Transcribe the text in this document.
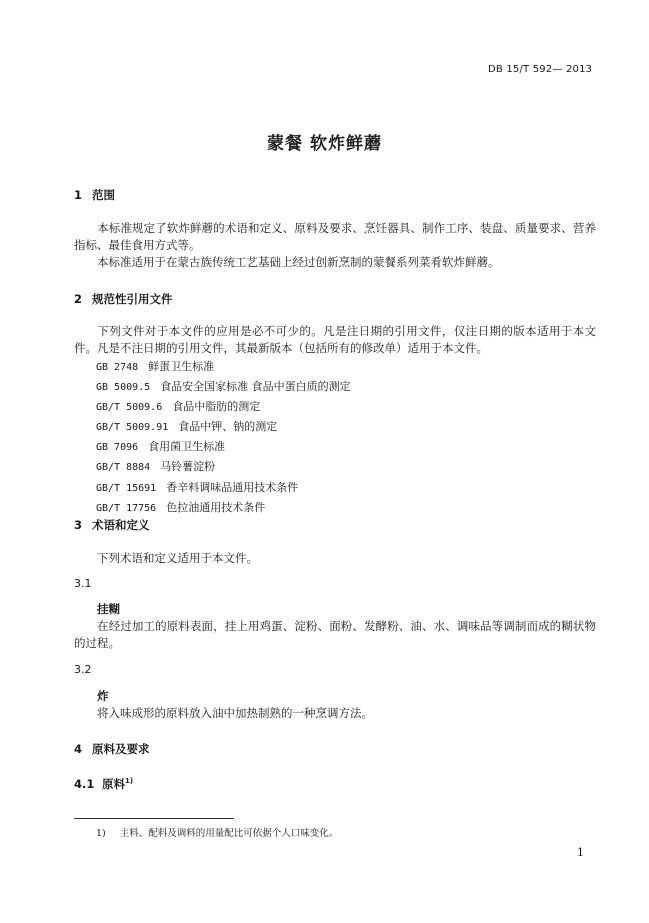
DB 15/T 592— 2013
蒙餐 软炸鲜蘑
1 范围
本标准规定了软炸鲜蘑的术语和定义、原料及要求、烹饪器具、制作工序、装盘、质量要求、营养指标、最佳食用方式等。
本标准适用于在蒙古族传统工艺基础上经过创新烹制的蒙餐系列菜肴软炸鲜蘑。
2 规范性引用文件
下列文件对于本文件的应用是必不可少的。凡是注日期的引用文件，仅注日期的版本适用于本文件。凡是不注日期的引用文件，其最新版本（包括所有的修改单）适用于本文件。
GB 2748 鲜蛋卫生标准
GB 5009.5 食品安全国家标准 食品中蛋白质的测定
GB/T 5009.6 食品中脂肪的测定
GB/T 5009.91 食品中钾、钠的测定
GB 7096 食用菌卫生标准
GB/T 8884 马铃薯淀粉
GB/T 15691 香辛料调味品通用技术条件
GB/T 17756 色拉油通用技术条件
3 术语和定义
下列术语和定义适用于本文件。
3.1
挂糊
在经过加工的原料表面，挂上用鸡蛋、淀粉、面粉、发酵粉、油、水、调味品等调制而成的糊状物的过程。
3.2
炸
将入味成形的原料放入油中加热制熟的一种烹调方法。
4 原料及要求
4.1 原料$^{1)}$
1) 主料、配料及调料的用量配比可依据个人口味变化。
1
